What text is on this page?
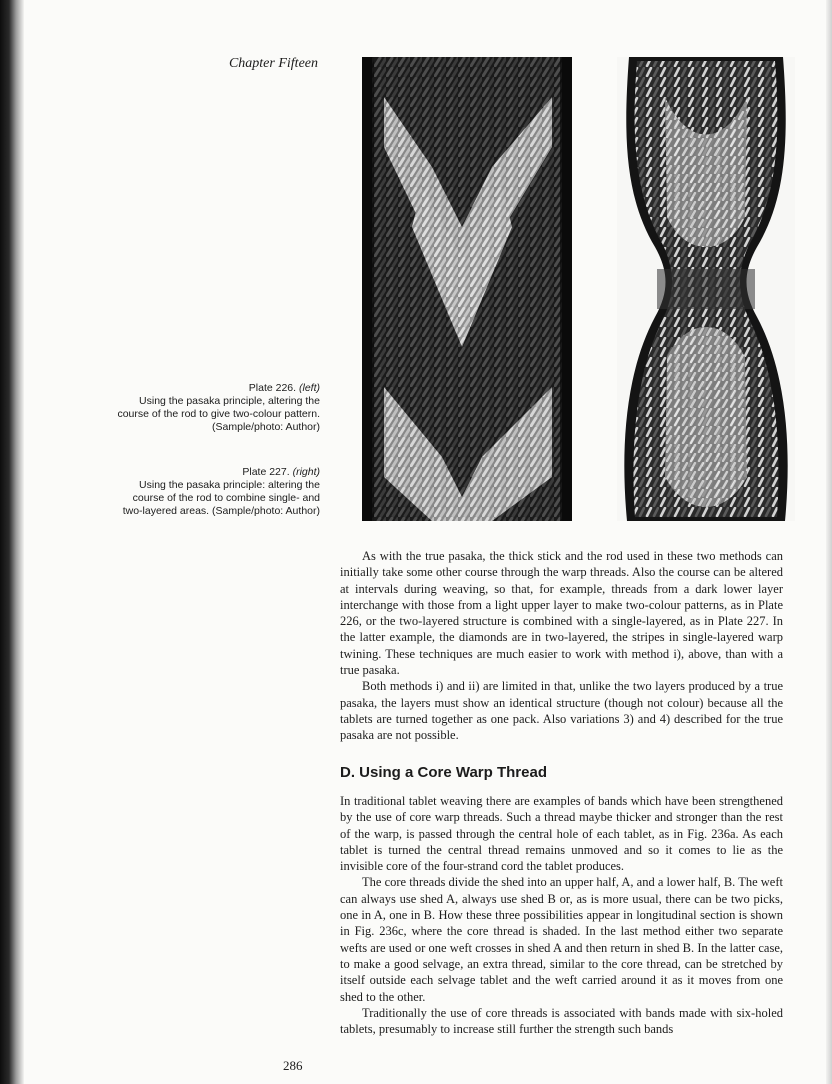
Chapter Fifteen
Plate 226. (left)
Using the pasaka principle, altering the course of the rod to give two-colour pattern. (Sample/photo: Author)
Plate 227. (right)
Using the pasaka principle: altering the course of the rod to combine single- and two-layered areas. (Sample/photo: Author)

As with the true pasaka, the thick stick and the rod used in these two methods can initially take some other course through the warp threads. Also the course can be altered at intervals during weaving, so that, for example, threads from a dark lower layer interchange with those from a light upper layer to make two-colour patterns, as in Plate 226, or the two-layered structure is combined with a single-layered, as in Plate 227. In the latter example, the diamonds are in two-layered, the stripes in single-layered warp twining. These techniques are much easier to work with method i), above, than with a true pasaka.

Both methods i) and ii) are limited in that, unlike the two layers produced by a true pasaka, the layers must show an identical structure (though not colour) because all the tablets are turned together as one pack. Also variations 3) and 4) described for the true pasaka are not possible.

D. Using a Core Warp Thread

In traditional tablet weaving there are examples of bands which have been strengthened by the use of core warp threads. Such a thread maybe thicker and stronger than the rest of the warp, is passed through the central hole of each tablet, as in Fig. 236a. As each tablet is turned the central thread remains unmoved and so it comes to lie as the invisible core of the four-strand cord the tablet produces.

The core threads divide the shed into an upper half, A, and a lower half, B. The weft can always use shed A, always use shed B or, as is more usual, there can be two picks, one in A, one in B. How these three possibilities appear in longitudinal section is shown in Fig. 236c, where the core thread is shaded. In the last method either two separate wefts are used or one weft crosses in shed A and then return in shed B. In the latter case, to make a good selvage, an extra thread, similar to the core thread, can be stretched by itself outside each selvage tablet and the weft carried around it as it moves from one shed to the other.

Traditionally the use of core threads is associated with bands made with six-holed tablets, presumably to increase still further the strength such bands

286
